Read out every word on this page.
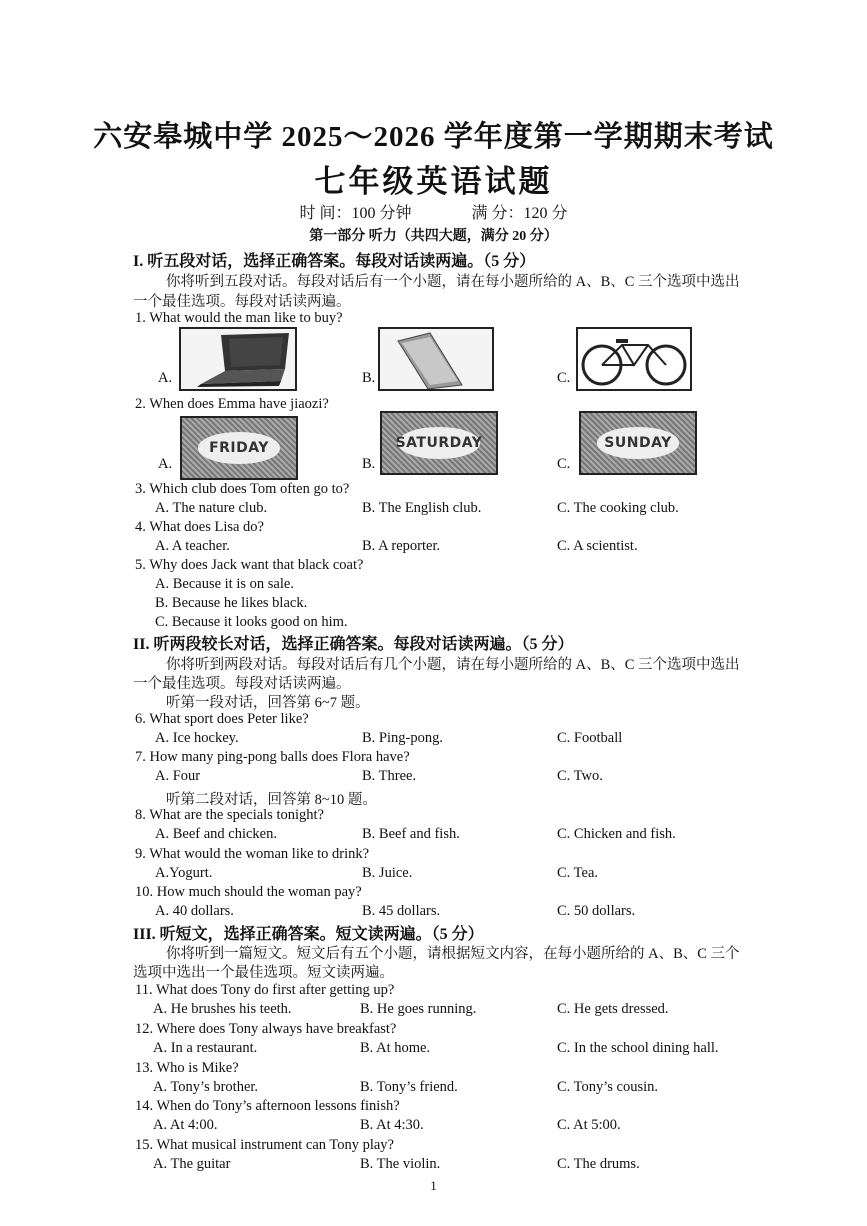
六安皋城中学 2025～2026 学年度第一学期期末考试
七年级英语试题
时 间：100 分钟	满 分：120 分
第一部分 听力（共四大题，满分 20 分）
I. 听五段对话，选择正确答案。每段对话读两遍。（5 分）
你将听到五段对话。每段对话后有一个小题，请在每小题所给的 A、B、C 三个选项中选出
一个最佳选项。每段对话读两遍。
1. What would the man like to buy?
A.	B.	C.
2. When does Emma have jiaozi?
A.
FRIDAY
B.
SATURDAY
C.
SUNDAY
3. Which club does Tom often go to?
A. The nature club.	B. The English club.	C. The cooking club.
4. What does Lisa do?
A. A teacher.	B. A reporter.	C. A scientist.
5. Why does Jack want that black coat?
A. Because it is on sale.
B. Because he likes black.
C. Because it looks good on him.
II. 听两段较长对话，选择正确答案。每段对话读两遍。（5 分）
你将听到两段对话。每段对话后有几个小题，请在每小题所给的 A、B、C 三个选项中选出
一个最佳选项。每段对话读两遍。
听第一段对话，回答第 6~7 题。
6. What sport does Peter like?
A. Ice hockey.	B. Ping-pong.	C. Football
7. How many ping-pong balls does Flora have?
A. Four	B. Three.	C. Two.
听第二段对话，回答第 8~10 题。
8. What are the specials tonight?
A. Beef and chicken.	B. Beef and fish.	C. Chicken and fish.
9. What would the woman like to drink?
A.Yogurt.	B. Juice.	C. Tea.
10. How much should the woman pay?
A. 40 dollars.	B. 45 dollars.	C. 50 dollars.
III. 听短文，选择正确答案。短文读两遍。（5 分）
你将听到一篇短文。短文后有五个小题，请根据短文内容，在每小题所给的 A、B、C 三个
选项中选出一个最佳选项。短文读两遍。
11. What does Tony do first after getting up?
A. He brushes his teeth.	B. He goes running.	C. He gets dressed.
12. Where does Tony always have breakfast?
A. In a restaurant.	B. At home.	C. In the school dining hall.
13. Who is Mike?
A. Tony’s brother.	B. Tony’s friend.	C. Tony’s cousin.
14. When do Tony’s afternoon lessons finish?
A. At 4:00.	B. At 4:30.	C. At 5:00.
15. What musical instrument can Tony play?
A. The guitar	B. The violin.	C. The drums.
1
